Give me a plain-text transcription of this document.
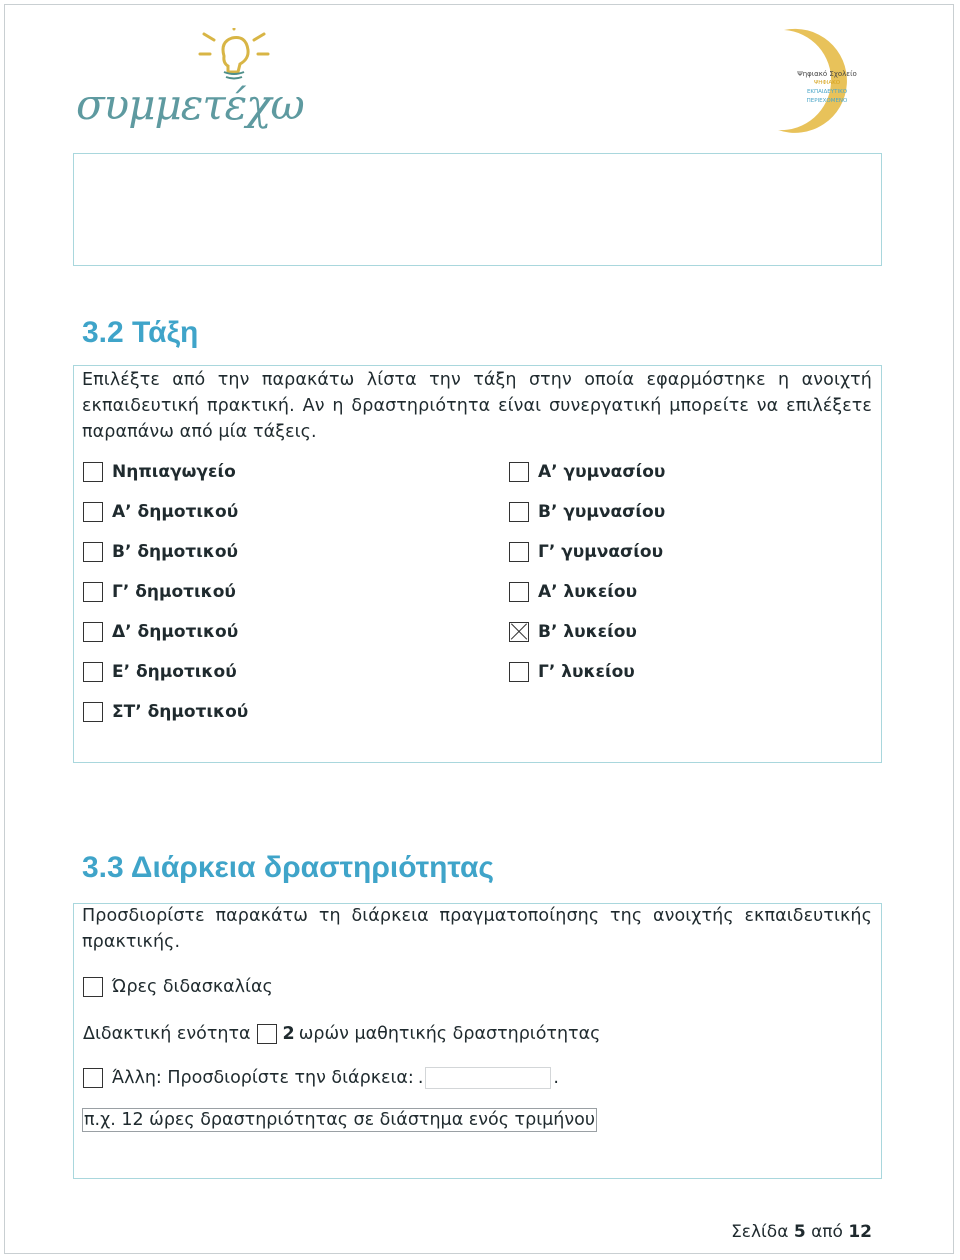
συμμετέχω
Ψηφιακό Σχολείο
ΨΗΦΙΑΚΟ
ΕΚΠΑΙΔΕΥΤΙΚΟ
ΠΕΡΙΕΧΟΜΕΝΟ
3.2 Τάξη

Επιλέξτε από την παρακάτω λίστα την τάξη στην οποία εφαρμόστηκε η ανοιχτή εκπαιδευτική πρακτική. Αν η δραστηριότητα είναι συνεργατική μπορείτε να επιλέξετε παραπάνω από μία τάξεις.

Νηπιαγωγείο
Α’ δημοτικού
Β’ δημοτικού
Γ’ δημοτικού
Δ’ δημοτικού
Ε’ δημοτικού
ΣΤ’ δημοτικού
Α’ γυμνασίου
Β’ γυμνασίου
Γ’ γυμνασίου
Α’ λυκείου
Β’ λυκείου
Γ’ λυκείου
3.3 Διάρκεια δραστηριότητας

Προσδιορίστε παρακάτω τη διάρκεια πραγματοποίησης της ανοιχτής εκπαιδευτικής πρακτικής.

Ώρες διδασκαλίας
Διδακτική ενότητα 2 ωρών μαθητικής δραστηριότητας
Άλλη: Προσδιορίστε την διάρκεια: .	.
π.χ. 12 ώρες δραστηριότητας σε διάστημα ενός τριμήνου
Σελίδα 5 από 12
